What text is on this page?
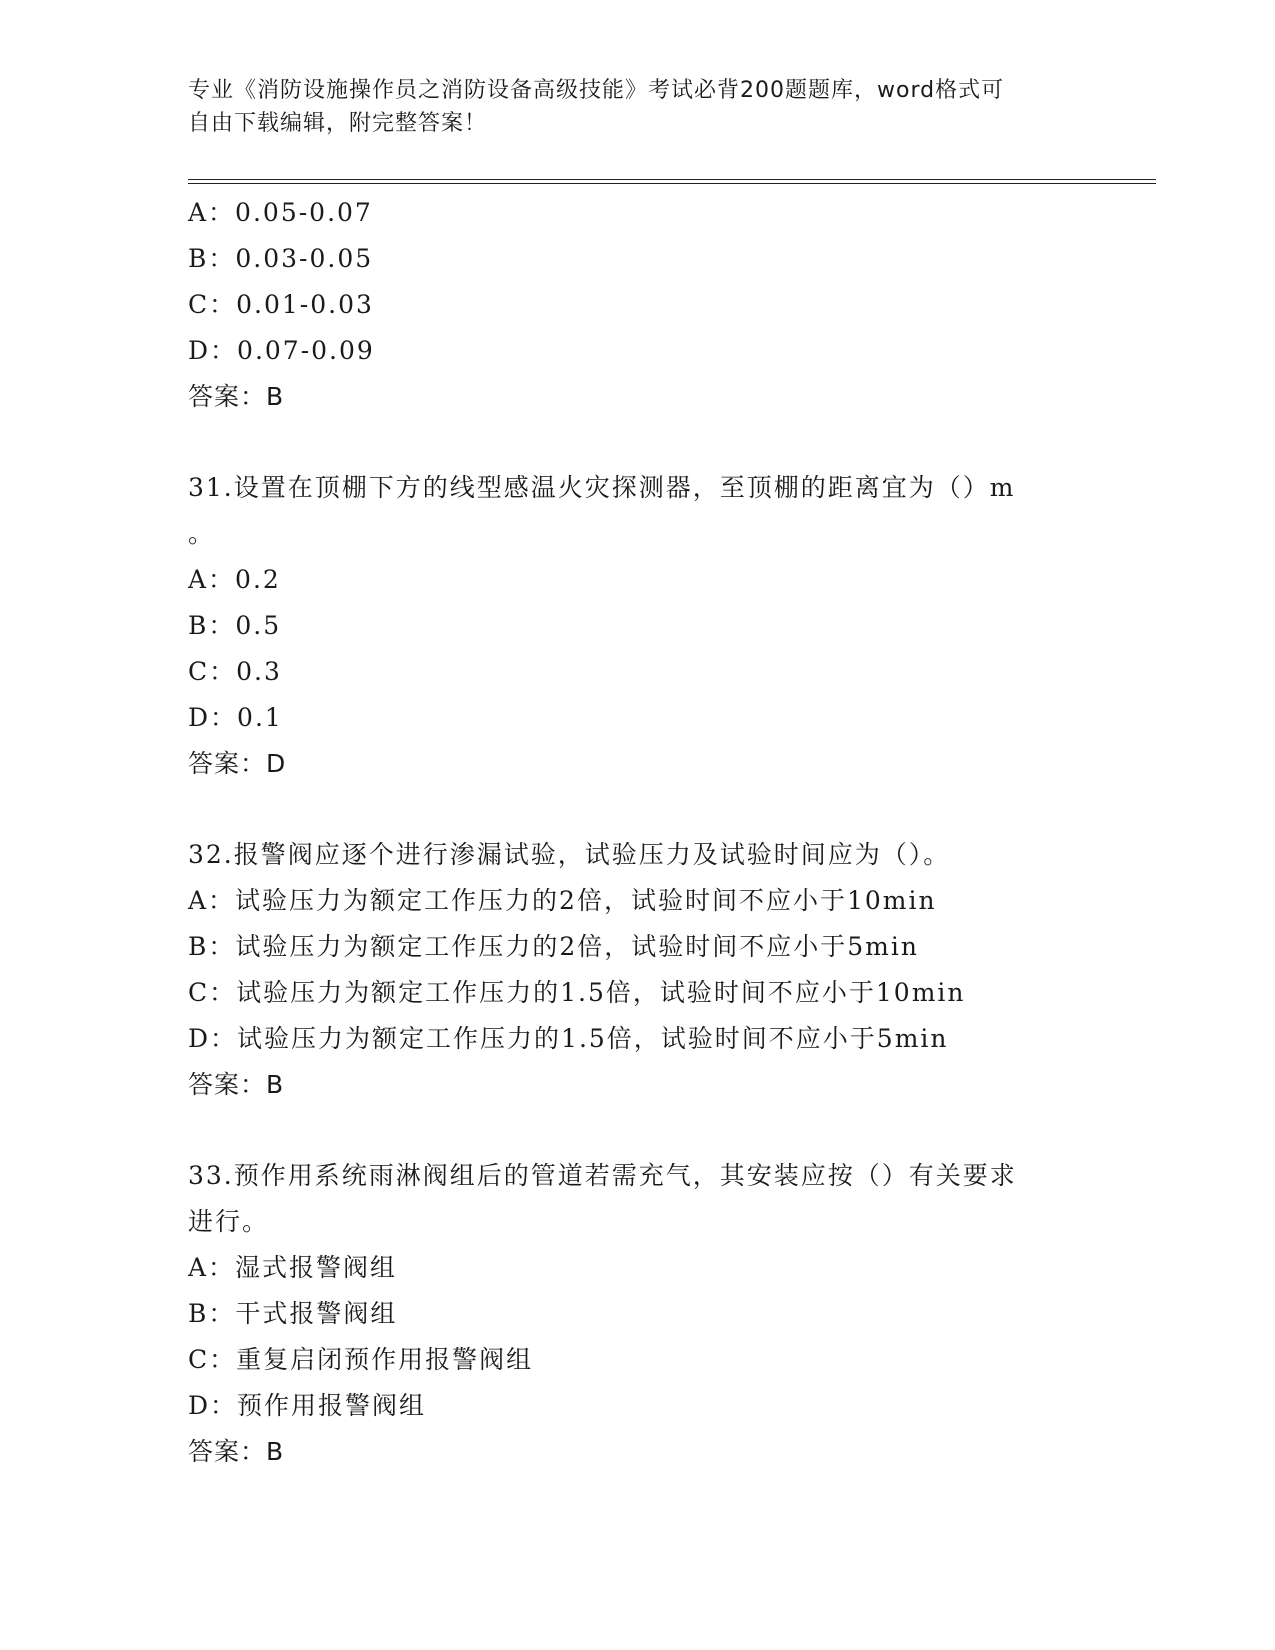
专业《消防设施操作员之消防设备高级技能》考试必背200题题库，word格式可
自由下载编辑，附完整答案！
A：0.05-0.07
B：0.03-0.05
C：0.01-0.03
D：0.07-0.09
答案：B
31.设置在顶棚下方的线型感温火灾探测器，至顶棚的距离宜为（）m
。
A：0.2
B：0.5
C：0.3
D：0.1
答案：D
32.报警阀应逐个进行渗漏试验，试验压力及试验时间应为（）。
A：试验压力为额定工作压力的2倍，试验时间不应小于10min
B：试验压力为额定工作压力的2倍，试验时间不应小于5min
C：试验压力为额定工作压力的1.5倍，试验时间不应小于10min
D：试验压力为额定工作压力的1.5倍，试验时间不应小于5min
答案：B
33.预作用系统雨淋阀组后的管道若需充气，其安装应按（）有关要求
进行。
A：湿式报警阀组
B：干式报警阀组
C：重复启闭预作用报警阀组
D：预作用报警阀组
答案：B
